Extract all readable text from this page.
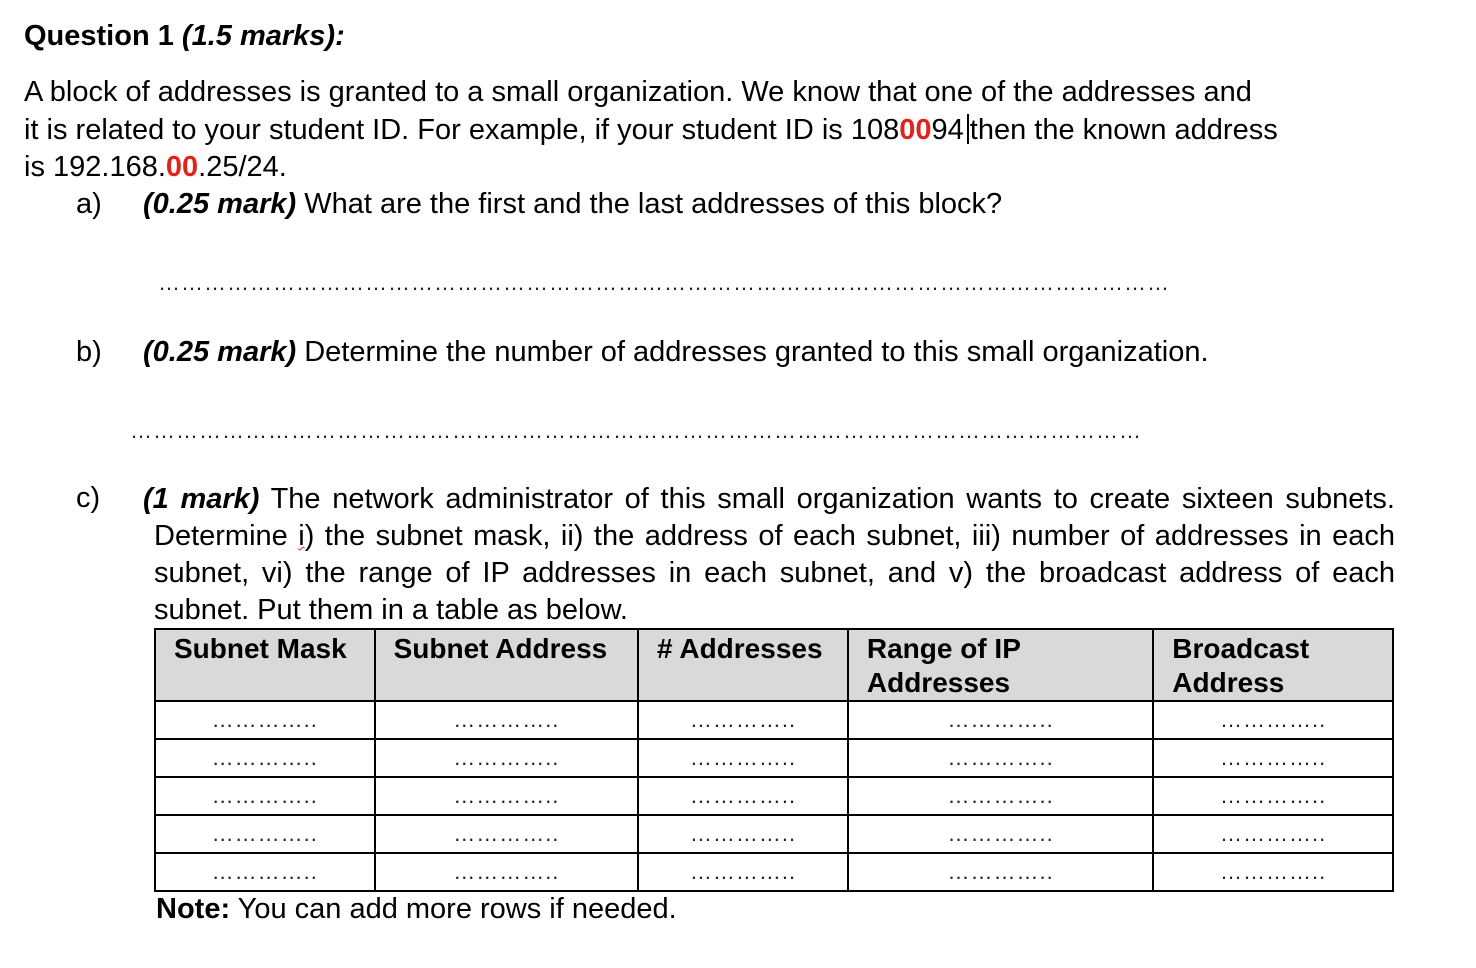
Question 1 (1.5 marks):
A block of addresses is granted to a small organization. We know that one of the addresses and
it is related to your student ID. For example, if your student ID is 1080094 then the known address
is 192.168.00.25/24.
a) (0.25 mark) What are the first and the last addresses of this block?
……………………………………………………………………………………………………………………
b) (0.25 mark) Determine the number of addresses granted to this small organization.
……………………………………………………………………………………………………………………
c) (1 mark) The network administrator of this small organization wants to create sixteen subnets. Determine i) the subnet mask, ii) the address of each subnet, iii) number of addresses in each subnet, vi) the range of IP addresses in each subnet, and v) the broadcast address of each subnet. Put them in a table as below.
Subnet Mask	Subnet Address	# Addresses	Range of IP Addresses	Broadcast Address
…………..	…………..	…………..	…………..	…………..
…………..	…………..	…………..	…………..	…………..
…………..	…………..	…………..	…………..	…………..
…………..	…………..	…………..	…………..	…………..
…………..	…………..	…………..	…………..	…………..
Note: You can add more rows if needed.
